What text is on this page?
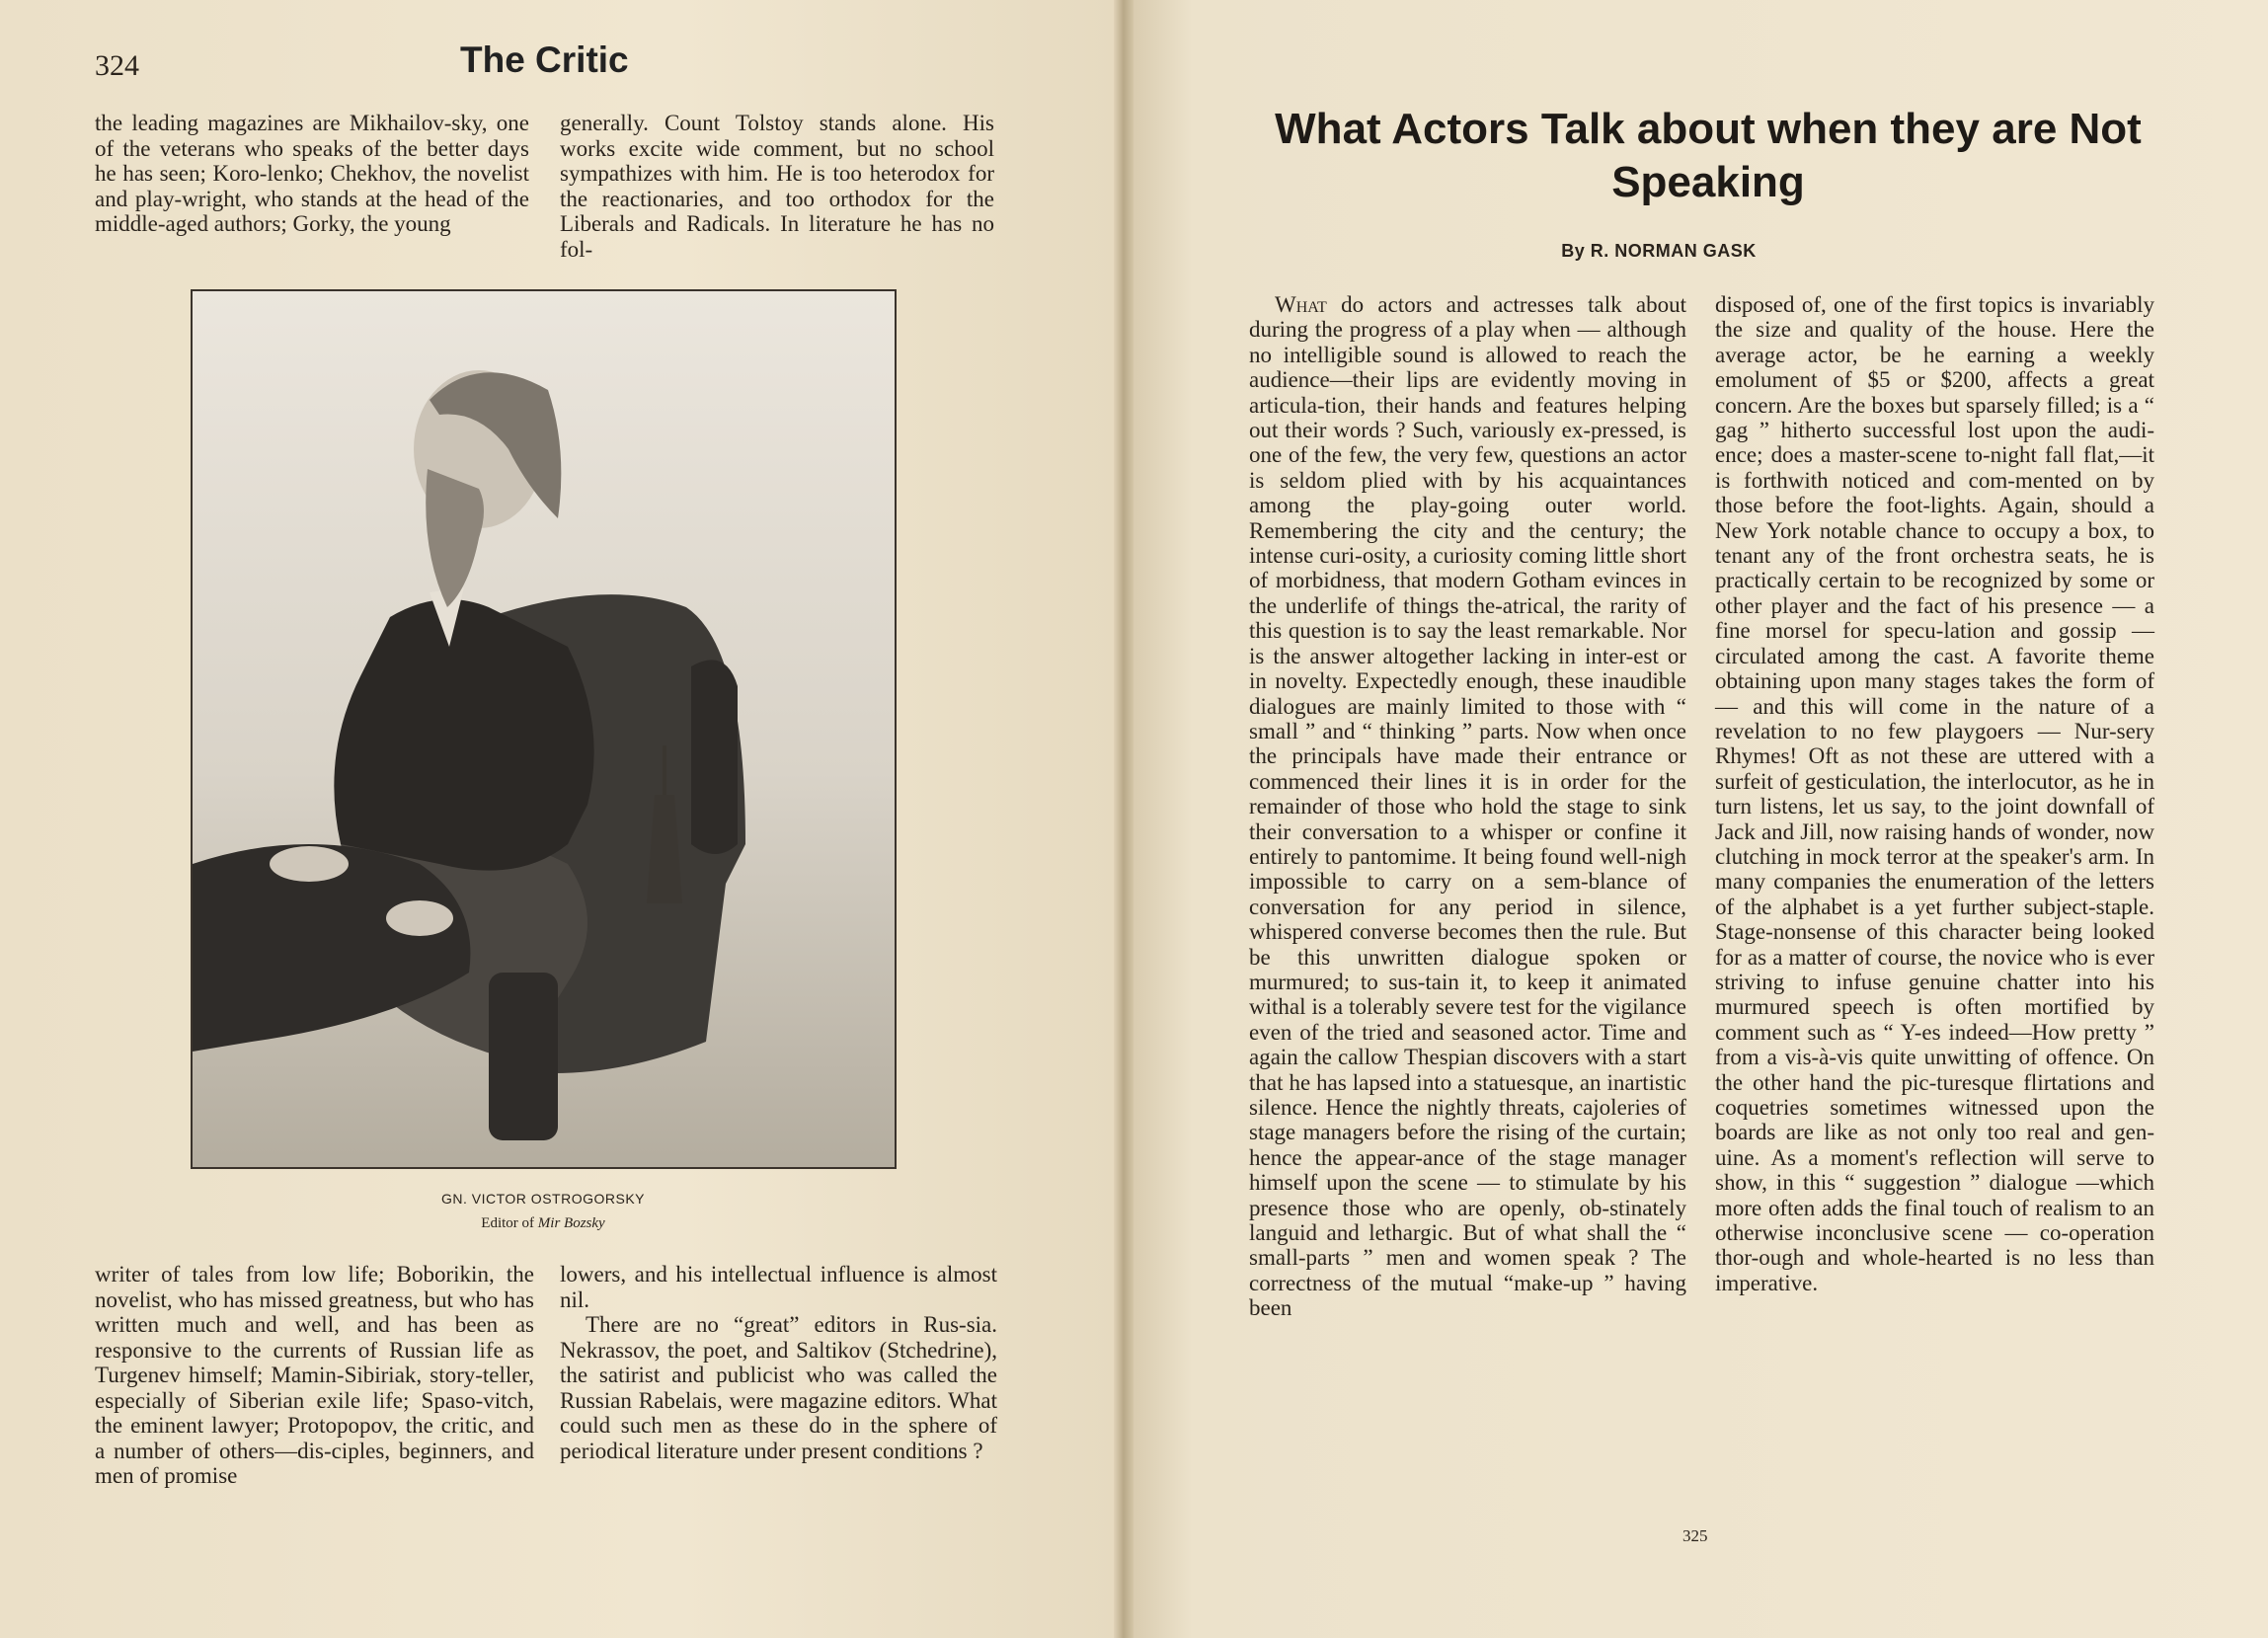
324	The Critic

the leading magazines are Mikhailov-sky, one of the veterans who speaks of the better days he has seen; Koro-lenko; Chekhov, the novelist and play-wright, who stands at the head of the middle-aged authors; Gorky, the young

generally. Count Tolstoy stands alone. His works excite wide comment, but no school sympathizes with him. He is too heterodox for the reactionaries, and too orthodox for the Liberals and Radicals. In literature he has no fol-

GN. VICTOR OSTROGORSKY
Editor of Mir Bozsky

writer of tales from low life; Boborikin, the novelist, who has missed greatness, but who has written much and well, and has been as responsive to the currents of Russian life as Turgenev himself; Mamin-Sibiriak, story-teller, especially of Siberian exile life; Spaso-vitch, the eminent lawyer; Protopopov, the critic, and a number of others—dis-ciples, beginners, and men of promise

lowers, and his intellectual influence is almost nil.

There are no “great” editors in Rus-sia. Nekrassov, the poet, and Saltikov (Stchedrine), the satirist and publicist who was called the Russian Rabelais, were magazine editors. What could such men as these do in the sphere of periodical literature under present conditions ?

What Actors Talk about when they are Not Speaking
By R. NORMAN GASK

What do actors and actresses talk about during the progress of a play when — although no intelligible sound is allowed to reach the audience—their lips are evidently moving in articula-tion, their hands and features helping out their words ? Such, variously ex-pressed, is one of the few, the very few, questions an actor is seldom plied with by his acquaintances among the play-going outer world. Remembering the city and the century; the intense curi-osity, a curiosity coming little short of morbidness, that modern Gotham evinces in the underlife of things the-atrical, the rarity of this question is to say the least remarkable. Nor is the answer altogether lacking in inter-est or in novelty. Expectedly enough, these inaudible dialogues are mainly limited to those with “ small ” and “ thinking ” parts. Now when once the principals have made their entrance or commenced their lines it is in order for the remainder of those who hold the stage to sink their conversation to a whisper or confine it entirely to pantomime. It being found well-nigh impossible to carry on a sem-blance of conversation for any period in silence, whispered converse becomes then the rule. But be this unwritten dialogue spoken or murmured; to sus-tain it, to keep it animated withal is a tolerably severe test for the vigilance even of the tried and seasoned actor. Time and again the callow Thespian discovers with a start that he has lapsed into a statuesque, an inartistic silence. Hence the nightly threats, cajoleries of stage managers before the rising of the curtain; hence the appear-ance of the stage manager himself upon the scene — to stimulate by his presence those who are openly, ob-stinately languid and lethargic. But of what shall the “ small-parts ” men and women speak ? The correctness of the mutual “make-up ” having been

disposed of, one of the first topics is invariably the size and quality of the house. Here the average actor, be he earning a weekly emolument of $5 or $200, affects a great concern. Are the boxes but sparsely filled; is a “ gag ” hitherto successful lost upon the audi-ence; does a master-scene to-night fall flat,—it is forthwith noticed and com-mented on by those before the foot-lights. Again, should a New York notable chance to occupy a box, to tenant any of the front orchestra seats, he is practically certain to be recognized by some or other player and the fact of his presence — a fine morsel for specu-lation and gossip — circulated among the cast. A favorite theme obtaining upon many stages takes the form of — and this will come in the nature of a revelation to no few playgoers — Nur-sery Rhymes! Oft as not these are uttered with a surfeit of gesticulation, the interlocutor, as he in turn listens, let us say, to the joint downfall of Jack and Jill, now raising hands of wonder, now clutching in mock terror at the speaker's arm. In many companies the enumeration of the letters of the alphabet is a yet further subject-staple. Stage-nonsense of this character being looked for as a matter of course, the novice who is ever striving to infuse genuine chatter into his murmured speech is often mortified by comment such as “ Y-es indeed—How pretty ” from a vis-à-vis quite unwitting of offence. On the other hand the pic-turesque flirtations and coquetries sometimes witnessed upon the boards are like as not only too real and gen-uine. As a moment's reflection will serve to show, in this “ suggestion ” dialogue —which more often adds the final touch of realism to an otherwise inconclusive scene — co-operation thor-ough and whole-hearted is no less than imperative.

325
